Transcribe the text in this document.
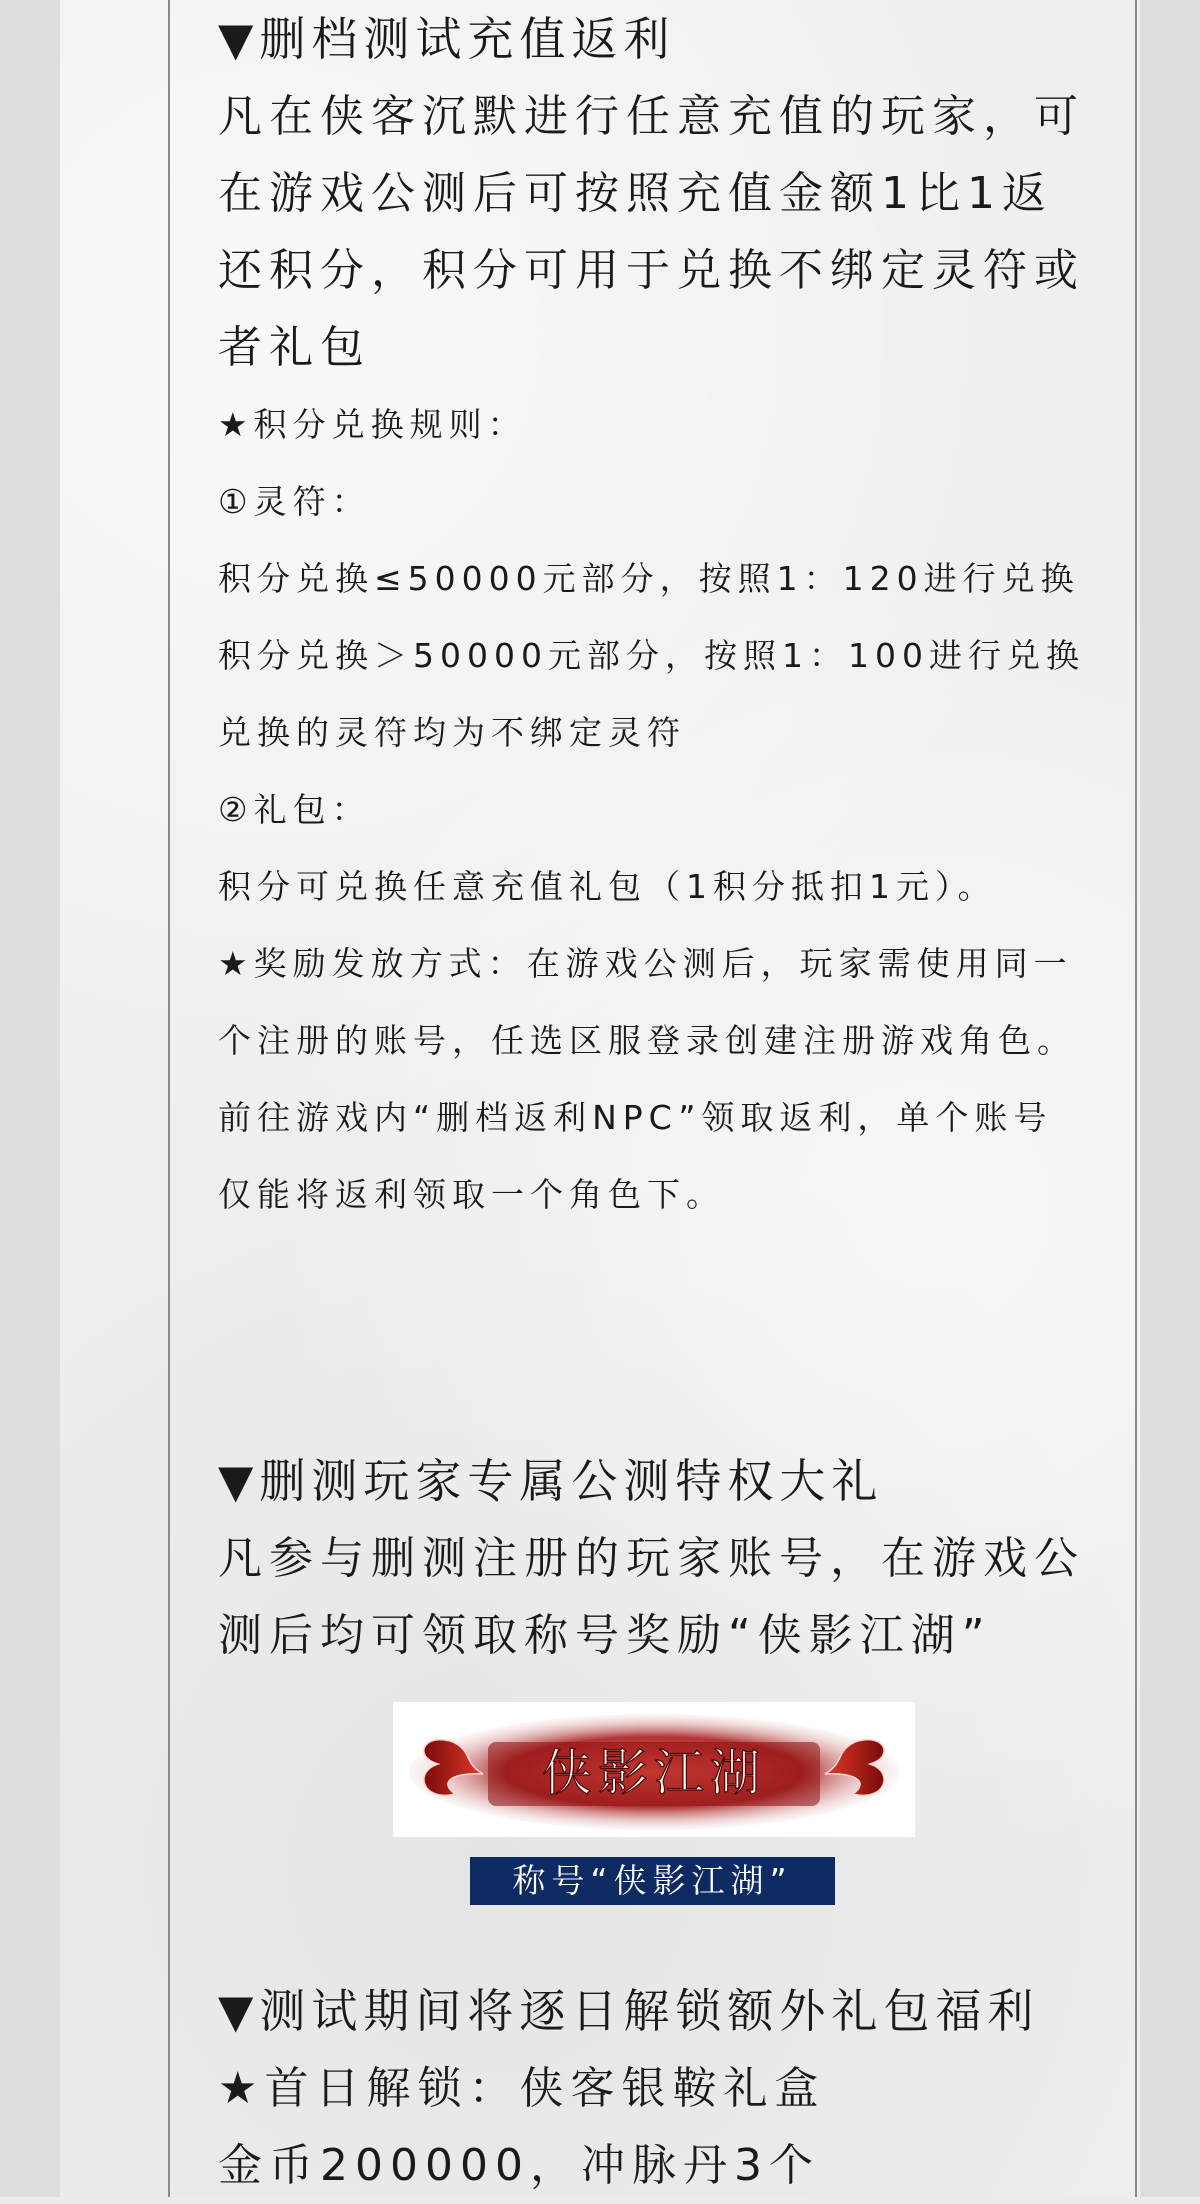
▼删档测试充值返利

凡在侠客沉默进行任意充值的玩家，可在游戏公测后可按照充值金额1比1返还积分，积分可用于兑换不绑定灵符或者礼包

★积分兑换规则：

①灵符：

积分兑换≤50000元部分，按照1：120进行兑换

积分兑换＞50000元部分，按照1：100进行兑换

兑换的灵符均为不绑定灵符

②礼包：

积分可兑换任意充值礼包（1积分抵扣1元）。

★奖励发放方式：在游戏公测后，玩家需使用同一个注册的账号，任选区服登录创建注册游戏角色。前往游戏内“删档返利NPC”领取返利，单个账号仅能将返利领取一个角色下。

▼删测玩家专属公测特权大礼

凡参与删测注册的玩家账号，在游戏公测后均可领取称号奖励“侠影江湖”

侠影江湖
称号“侠影江湖”
▼测试期间将逐日解锁额外礼包福利

★首日解锁：侠客银鞍礼盒

金币200000，冲脉丹3个
